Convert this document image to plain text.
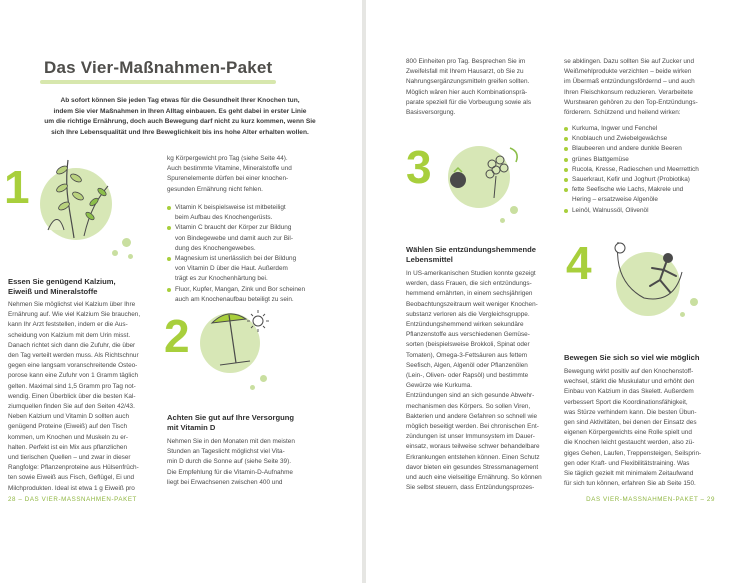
Das Vier-Maßnahmen-Paket

Ab sofort können Sie jeden Tag etwas für die Gesundheit Ihrer Knochen tun,

indem Sie vier Maßnahmen in Ihren Alltag einbauen. Es geht dabei in erster Linie

um die richtige Ernährung, doch auch Bewegung darf nicht zu kurz kommen, wenn Sie

sich Ihre Lebensqualität und Ihre Beweglichkeit bis ins hohe Alter erhalten wollen.

1
Essen Sie genügend Kalzium,
Eiweiß und Mineralstoffe

Nehmen Sie möglichst viel Kalzium über Ihre

Ernährung auf. Wie viel Kalzium Sie brauchen,

kann Ihr Arzt feststellen, indem er die Aus-

scheidung von Kalzium mit dem Urin misst.

Danach richtet sich dann die Zufuhr, die über

den Tag verteilt werden muss. Als Richtschnur

gegen eine langsam voranschreitende Osteo-

porose kann eine Zufuhr von 1 Gramm täglich

gelten. Maximal sind 1,5 Gramm pro Tag not-

wendig. Einen Überblick über die besten Kal-

ziumquellen finden Sie auf den Seiten 42/43.

Neben Kalzium und Vitamin D sollten auch

genügend Proteine (Eiweiß) auf den Tisch

kommen, um Knochen und Muskeln zu er-

halten. Perfekt ist ein Mix aus pflanzlichen

und tierischen Quellen – und zwar in dieser

Rangfolge: Pflanzenproteine aus Hülsenfrüch-

ten sowie Eiweiß aus Fisch, Geflügel, Ei und

Milchprodukten. Ideal ist etwa 1 g Eiweiß pro

kg Körpergewicht pro Tag (siehe Seite 44).

Auch bestimmte Vitamine, Mineralstoffe und

Spurenelemente dürfen bei einer knochen-

gesunden Ernährung nicht fehlen.

Vitamin K beispielsweise ist mitbeteiligt
beim Aufbau des Knochengerüsts.
Vitamin C braucht der Körper zur Bildung
von Bindegewebe und damit auch zur Bil-
dung des Knochengewebes.
Magnesium ist unerlässlich bei der Bildung
von Vitamin D über die Haut. Außerdem
trägt es zur Knochenhärtung bei.
Fluor, Kupfer, Mangan, Zink und Bor scheinen
auch am Knochenaufbau beteiligt zu sein.
2
Achten Sie gut auf Ihre Versorgung
mit Vitamin D

Nehmen Sie in den Monaten mit den meisten

Stunden an Tageslicht möglichst viel Vita-

min D durch die Sonne auf (siehe Seite 39).

Die Empfehlung für die Vitamin-D-Aufnahme

liegt bei Erwachsenen zwischen 400 und

28 – DAS VIER-MASSNAHMEN-PAKET

800 Einheiten pro Tag. Besprechen Sie im

Zweifelsfall mit Ihrem Hausarzt, ob Sie zu

Nahrungsergänzungsmitteln greifen sollten.

Möglich wären hier auch Kombinationsprä-

parate speziell für die Vorbeugung sowie als

Basisversorgung.

3
Wählen Sie entzündungshemmende
Lebensmittel

In US-amerikanischen Studien konnte gezeigt

werden, dass Frauen, die sich entzündungs-

hemmend ernährten, in einem sechsjährigen

Beobachtungszeitraum weit weniger Knochen-

substanz verloren als die Vergleichsgruppe.

Entzündungshemmend wirken sekundäre

Pflanzenstoffe aus verschiedenen Gemüse-

sorten (beispielsweise Brokkoli, Spinat oder

Tomaten), Omega-3-Fettsäuren aus fettem

Seefisch, Algen, Algenöl oder Pflanzenölen

(Lein-, Oliven- oder Rapsöl) und bestimmte

Gewürze wie Kurkuma.

Entzündungen sind an sich gesunde Abwehr-

mechanismen des Körpers. So sollen Viren,

Bakterien und andere Gefahren so schnell wie

möglich beseitigt werden. Bei chronischen Ent-

zündungen ist unser Immunsystem im Dauer-

einsatz, woraus teilweise schwer behandelbare

Erkrankungen entstehen können. Einen Schutz

davor bieten ein gesundes Stressmanagement

und auch eine vielseitige Ernährung. So können

Sie selbst steuern, dass Entzündungsprozes-

se abklingen. Dazu sollten Sie auf Zucker und

Weißmehlprodukte verzichten – beide wirken

im Übermaß entzündungsfördernd – und auch

Ihren Fleischkonsum reduzieren. Verarbeitete

Wurstwaren gehören zu den Top-Entzündungs-

förderern. Schützend und heilend wirken:

Kurkuma, Ingwer und Fenchel
Knoblauch und Zwiebelgewächse
Blaubeeren und andere dunkle Beeren
grünes Blattgemüse
Rucola, Kresse, Radieschen und Meerrettich
Sauerkraut, Kefir und Joghurt (Probiotika)
fette Seefische wie Lachs, Makrele und
Hering – ersatzweise Algenöle
Leinöl, Walnussöl, Olivenöl
4
Bewegen Sie sich so viel wie möglich

Bewegung wirkt positiv auf den Knochenstoff-

wechsel, stärkt die Muskulatur und erhöht den

Einbau von Kalzium in das Skelett. Außerdem

verbessert Sport die Koordinationsfähigkeit,

was Stürze verhindern kann. Die besten Übun-

gen sind Aktivitäten, bei denen der Einsatz des

eigenen Körpergewichts eine Rolle spielt und

die Knochen leicht gestaucht werden, also zü-

giges Gehen, Laufen, Treppensteigen, Seilsprin-

gen oder Kraft- und Flexibilitätstraining. Was

Sie täglich gezielt mit minimalem Zeitaufwand

für sich tun können, erfahren Sie ab Seite 150.

DAS VIER-MASSNAHMEN-PAKET – 29
